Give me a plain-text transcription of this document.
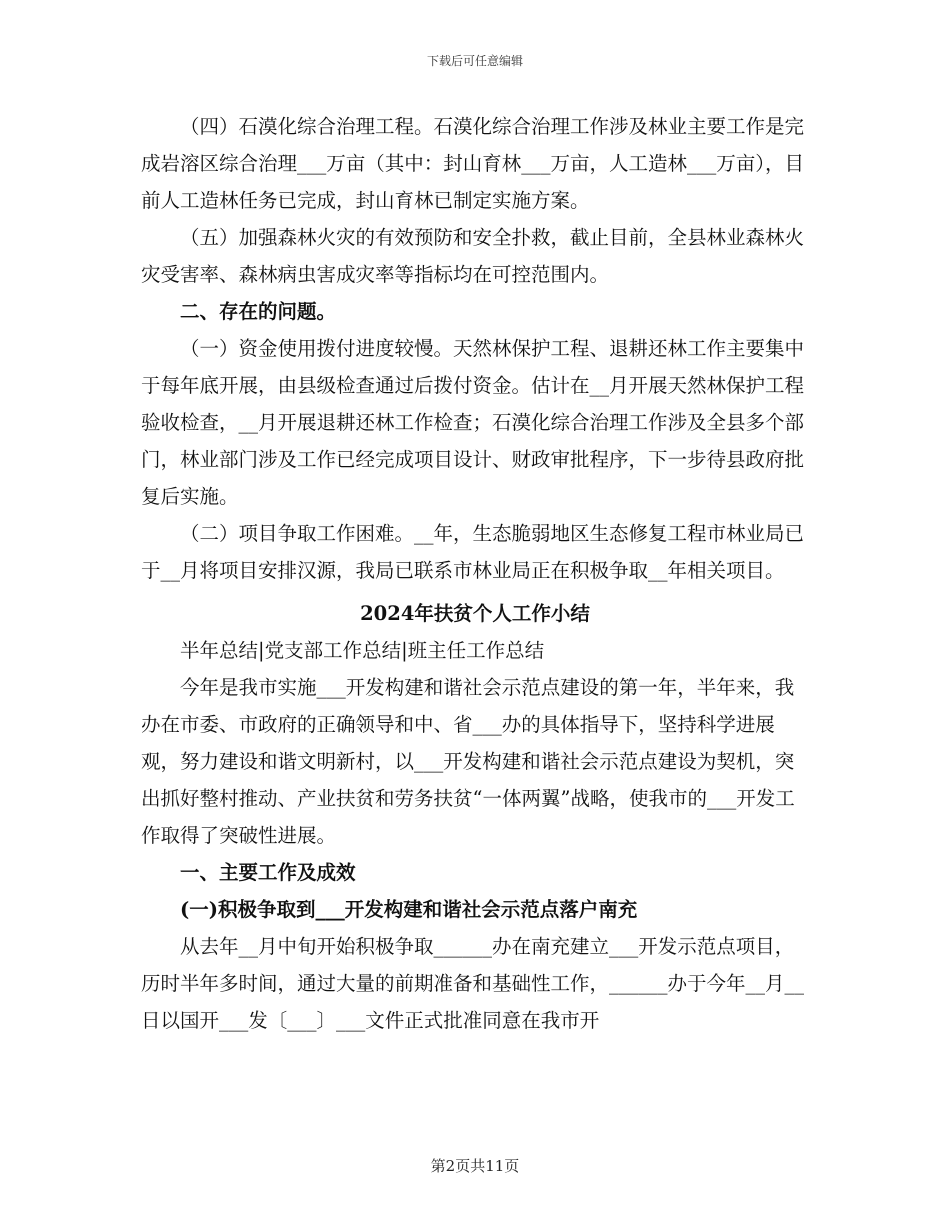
下载后可任意编辑

（四）石漠化综合治理工程。石漠化综合治理工作涉及林业主要工作是完成岩溶区综合治理___万亩（其中：封山育林___万亩，人工造林___万亩），目前人工造林任务已完成，封山育林已制定实施方案。

（五）加强森林火灾的有效预防和安全扑救，截止目前，全县林业森林火灾受害率、森林病虫害成灾率等指标均在可控范围内。

二、存在的问题。

（一）资金使用拨付进度较慢。天然林保护工程、退耕还林工作主要集中于每年底开展，由县级检查通过后拨付资金。估计在__月开展天然林保护工程验收检查，__月开展退耕还林工作检查；石漠化综合治理工作涉及全县多个部门，林业部门涉及工作已经完成项目设计、财政审批程序，下一步待县政府批复后实施。

（二）项目争取工作困难。__年，生态脆弱地区生态修复工程市林业局已于__月将项目安排汉源，我局已联系市林业局正在积极争取__年相关项目。

2024年扶贫个人工作小结

半年总结|党支部工作总结|班主任工作总结

今年是我市实施___开发构建和谐社会示范点建设的第一年，半年来，我办在市委、市政府的正确领导和中、省___办的具体指导下，坚持科学进展观，努力建设和谐文明新村，以___开发构建和谐社会示范点建设为契机，突出抓好整村推动、产业扶贫和劳务扶贫“一体两翼”战略，使我市的___开发工作取得了突破性进展。

一、主要工作及成效

(一)积极争取到___开发构建和谐社会示范点落户南充

从去年__月中旬开始积极争取______办在南充建立___开发示范点项目，历时半年多时间，通过大量的前期准备和基础性工作，______办于今年__月__日以国开___发〔___〕___文件正式批准同意在我市开

第2页共11页
